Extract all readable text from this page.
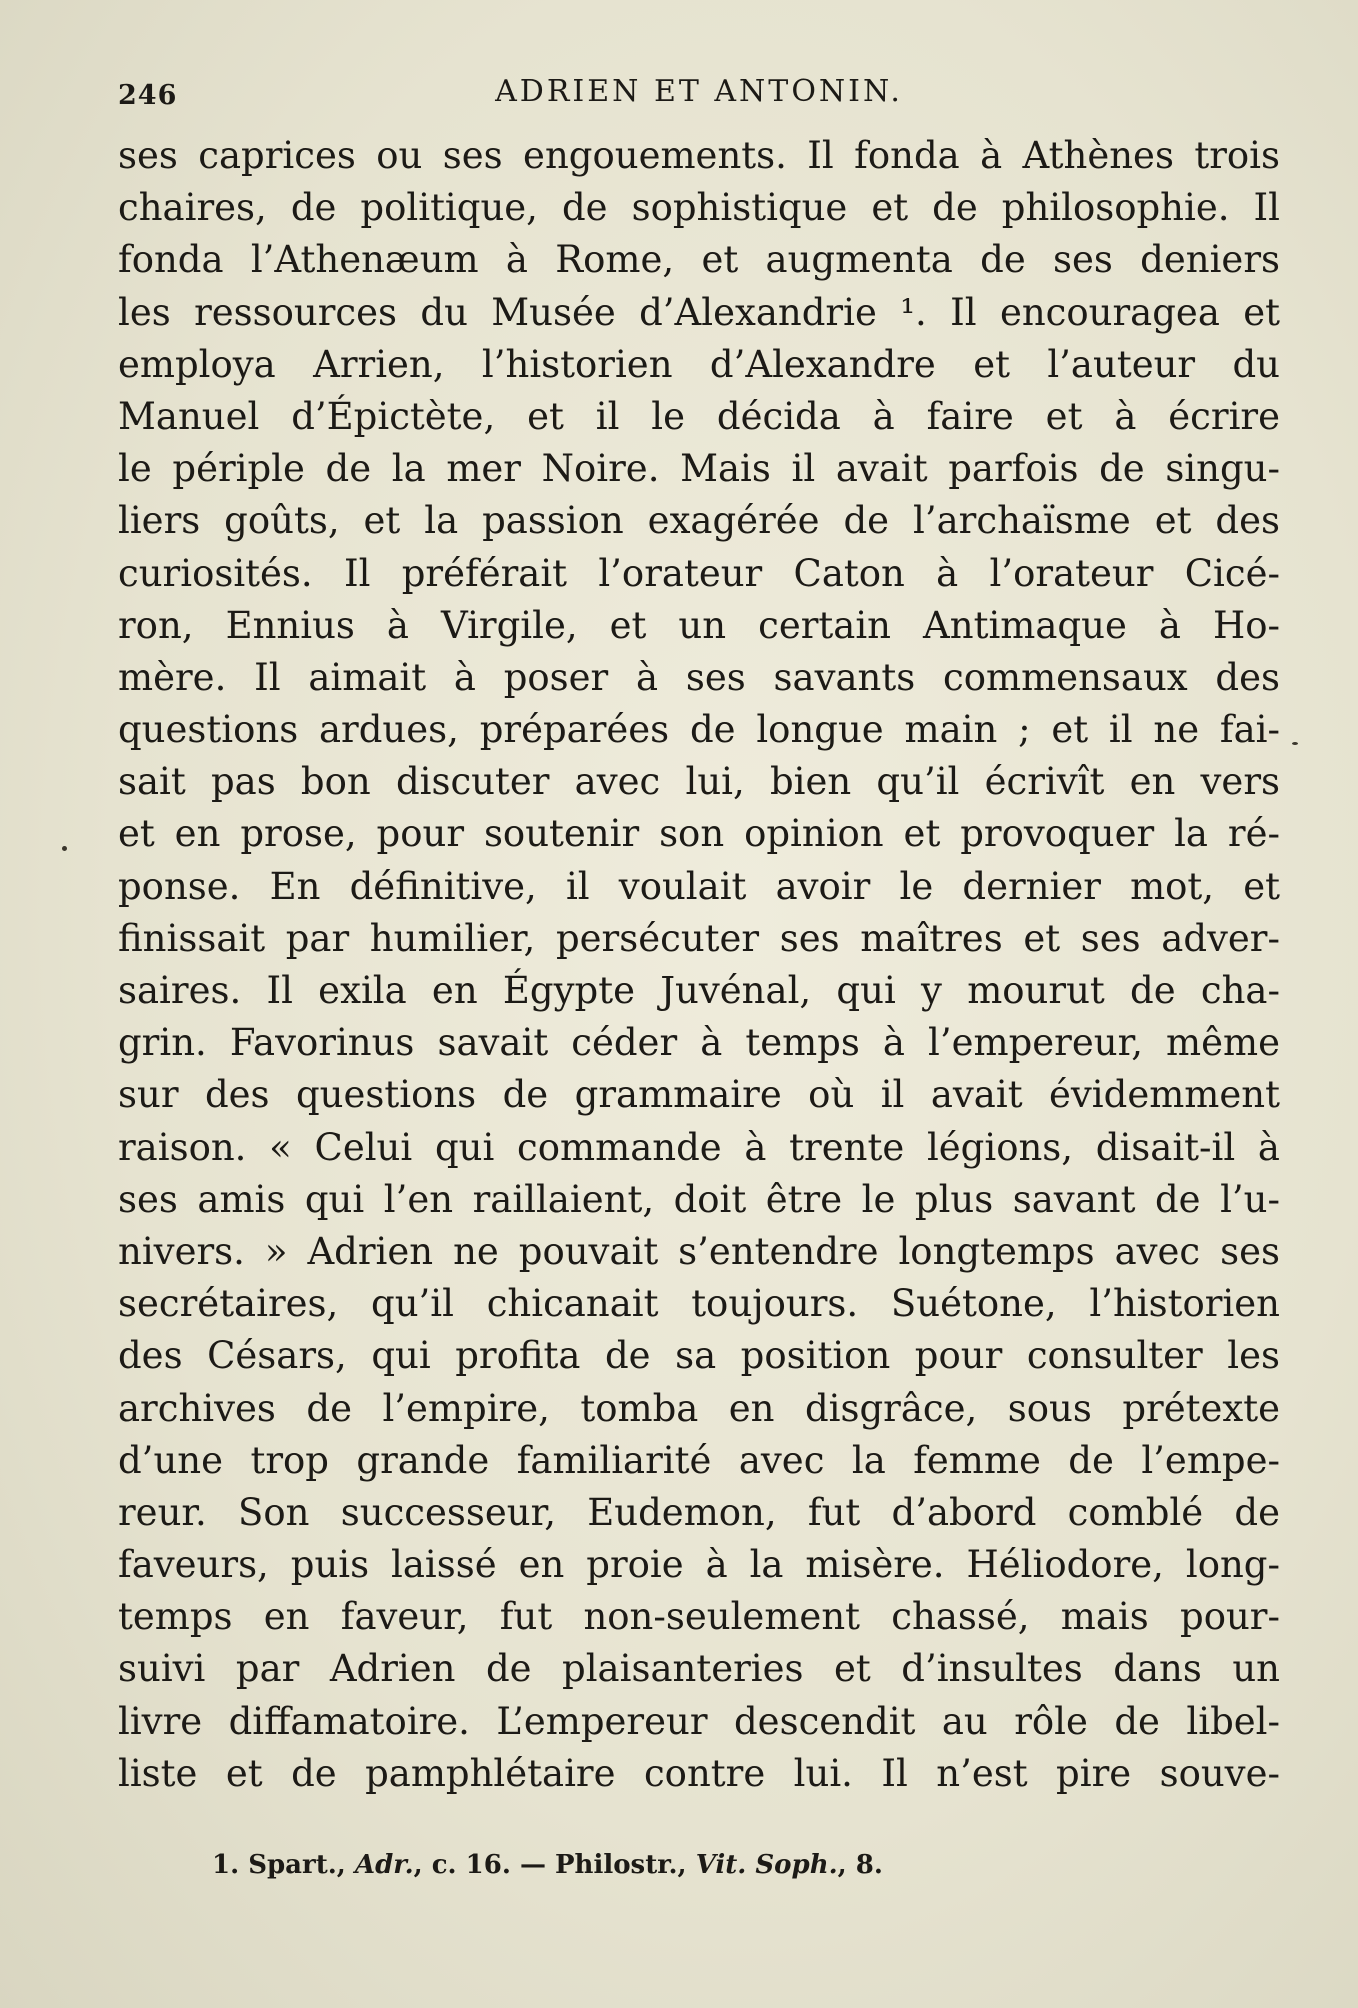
246	ADRIEN ET ANTONIN.
ses caprices ou ses engouements. Il fonda à Athènes trois
chaires, de politique, de sophistique et de philosophie. Il
fonda l’Athenæum à Rome, et augmenta de ses deniers
les ressources du Musée d’Alexandrie ¹. Il encouragea et
employa Arrien, l’historien d’Alexandre et l’auteur du
Manuel d’Épictète, et il le décida à faire et à écrire
le périple de la mer Noire. Mais il avait parfois de singu-
liers goûts, et la passion exagérée de l’archaïsme et des
curiosités. Il préférait l’orateur Caton à l’orateur Cicé-
ron, Ennius à Virgile, et un certain Antimaque à Ho-
mère. Il aimait à poser à ses savants commensaux des
questions ardues, préparées de longue main ; et il ne fai-
sait pas bon discuter avec lui, bien qu’il écrivît en vers
et en prose, pour soutenir son opinion et provoquer la ré-
ponse. En définitive, il voulait avoir le dernier mot, et
finissait par humilier, persécuter ses maîtres et ses adver-
saires. Il exila en Égypte Juvénal, qui y mourut de cha-
grin. Favorinus savait céder à temps à l’empereur, même
sur des questions de grammaire où il avait évidemment
raison. « Celui qui commande à trente légions, disait-il à
ses amis qui l’en raillaient, doit être le plus savant de l’u-
nivers. » Adrien ne pouvait s’entendre longtemps avec ses
secrétaires, qu’il chicanait toujours. Suétone, l’historien
des Césars, qui profita de sa position pour consulter les
archives de l’empire, tomba en disgrâce, sous prétexte
d’une trop grande familiarité avec la femme de l’empe-
reur. Son successeur, Eudemon, fut d’abord comblé de
faveurs, puis laissé en proie à la misère. Héliodore, long-
temps en faveur, fut non-seulement chassé, mais pour-
suivi par Adrien de plaisanteries et d’insultes dans un
livre diffamatoire. L’empereur descendit au rôle de libel-
liste et de pamphlétaire contre lui. Il n’est pire souve-
1. Spart., Adr., c. 16. — Philostr., Vit. Soph., 8.
